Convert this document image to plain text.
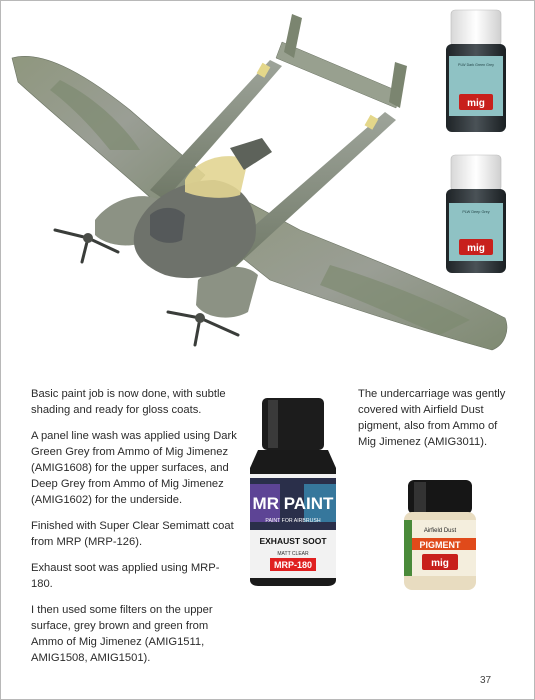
PLW Dark Green Grey
mig
PLW Deep Grey
mig
MR PAINT
PAINT FOR AIRBRUSH
EXHAUST SOOT
MATT CLEAR
MRP-180
Airfield Dust
PIGMENT
mig

Basic paint job is now done, with subtle shading and ready for gloss coats.

A panel line wash was applied using Dark Green Grey from Ammo of Mig Jimenez (AMIG1608) for the upper surfaces, and Deep Grey from Ammo of Mig Jimenez (AMIG1602) for the underside.

Finished with Super Clear Semimatt coat from MRP (MRP-126).

Exhaust soot was applied using MRP-180.

I then used some filters on the upper surface, grey brown and green from Ammo of Mig Jimenez (AMIG1511, AMIG1508, AMIG1501).

The undercarriage was gently covered with Airfield Dust pigment, also from Ammo of Mig Jimenez (AMIG3011).

37
